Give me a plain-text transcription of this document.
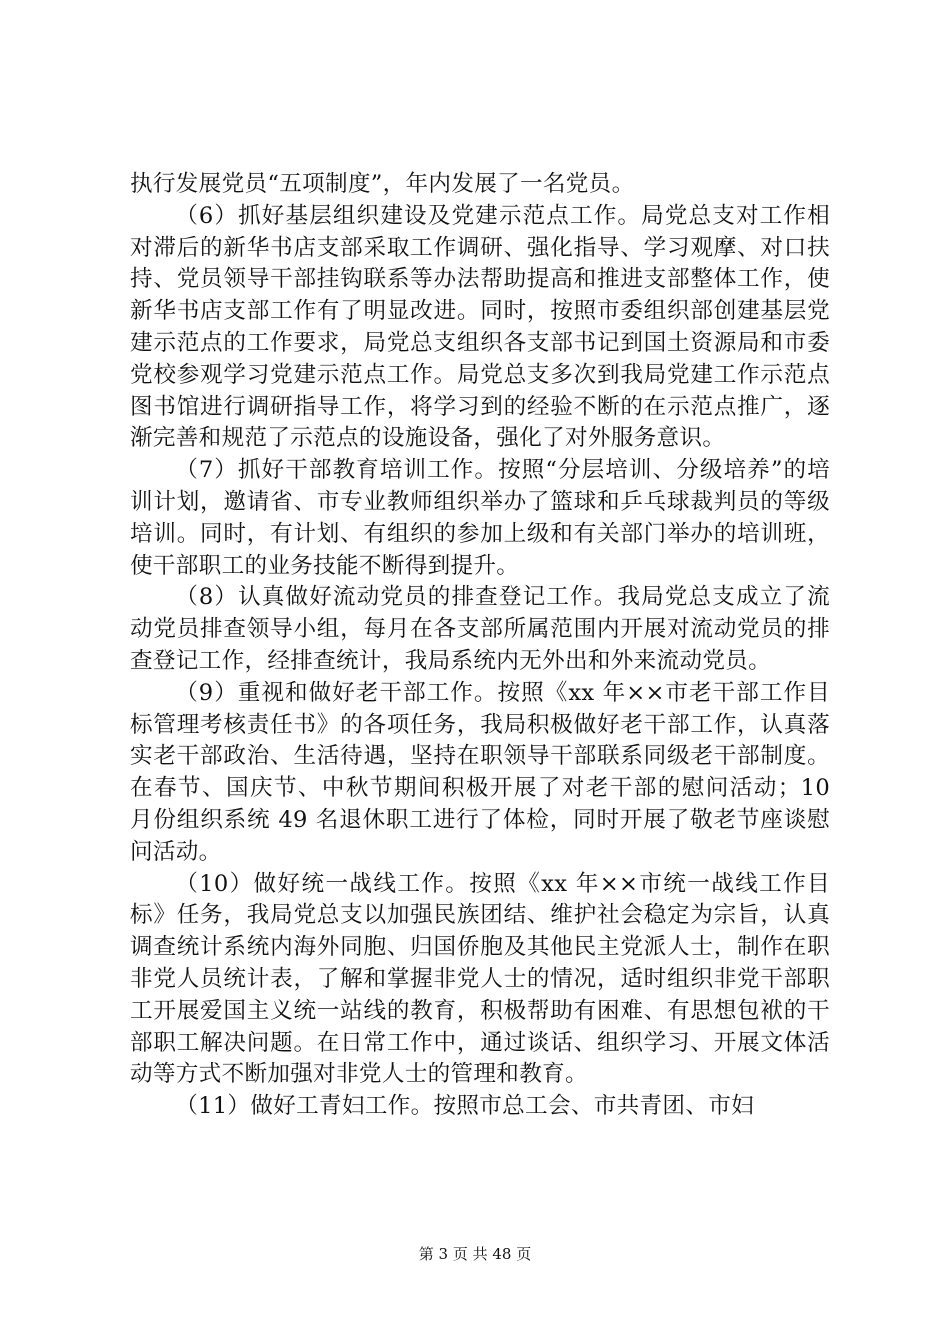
执行发展党员“五项制度”，年内发展了一名党员。

（6）抓好基层组织建设及党建示范点工作。局党总支对工作相对滞后的新华书店支部采取工作调研、强化指导、学习观摩、对口扶持、党员领导干部挂钩联系等办法帮助提高和推进支部整体工作，使新华书店支部工作有了明显改进。同时，按照市委组织部创建基层党建示范点的工作要求，局党总支组织各支部书记到国土资源局和市委党校参观学习党建示范点工作。局党总支多次到我局党建工作示范点图书馆进行调研指导工作，将学习到的经验不断的在示范点推广，逐渐完善和规范了示范点的设施设备，强化了对外服务意识。

（7）抓好干部教育培训工作。按照“分层培训、分级培养”的培训计划，邀请省、市专业教师组织举办了篮球和乒乓球裁判员的等级培训。同时，有计划、有组织的参加上级和有关部门举办的培训班，使干部职工的业务技能不断得到提升。

（8）认真做好流动党员的排查登记工作。我局党总支成立了流动党员排查领导小组，每月在各支部所属范围内开展对流动党员的排查登记工作，经排查统计，我局系统内无外出和外来流动党员。

（9）重视和做好老干部工作。按照《xx 年××市老干部工作目标管理考核责任书》的各项任务，我局积极做好老干部工作，认真落实老干部政治、生活待遇，坚持在职领导干部联系同级老干部制度。在春节、国庆节、中秋节期间积极开展了对老干部的慰问活动；10 月份组织系统 49 名退休职工进行了体检，同时开展了敬老节座谈慰问活动。

（10）做好统一战线工作。按照《xx 年××市统一战线工作目标》任务，我局党总支以加强民族团结、维护社会稳定为宗旨，认真调查统计系统内海外同胞、归国侨胞及其他民主党派人士，制作在职非党人员统计表，了解和掌握非党人士的情况，适时组织非党干部职工开展爱国主义统一站线的教育，积极帮助有困难、有思想包袱的干部职工解决问题。在日常工作中，通过谈话、组织学习、开展文体活动等方式不断加强对非党人士的管理和教育。

（11）做好工青妇工作。按照市总工会、市共青团、市妇

第 3 页 共 48 页
